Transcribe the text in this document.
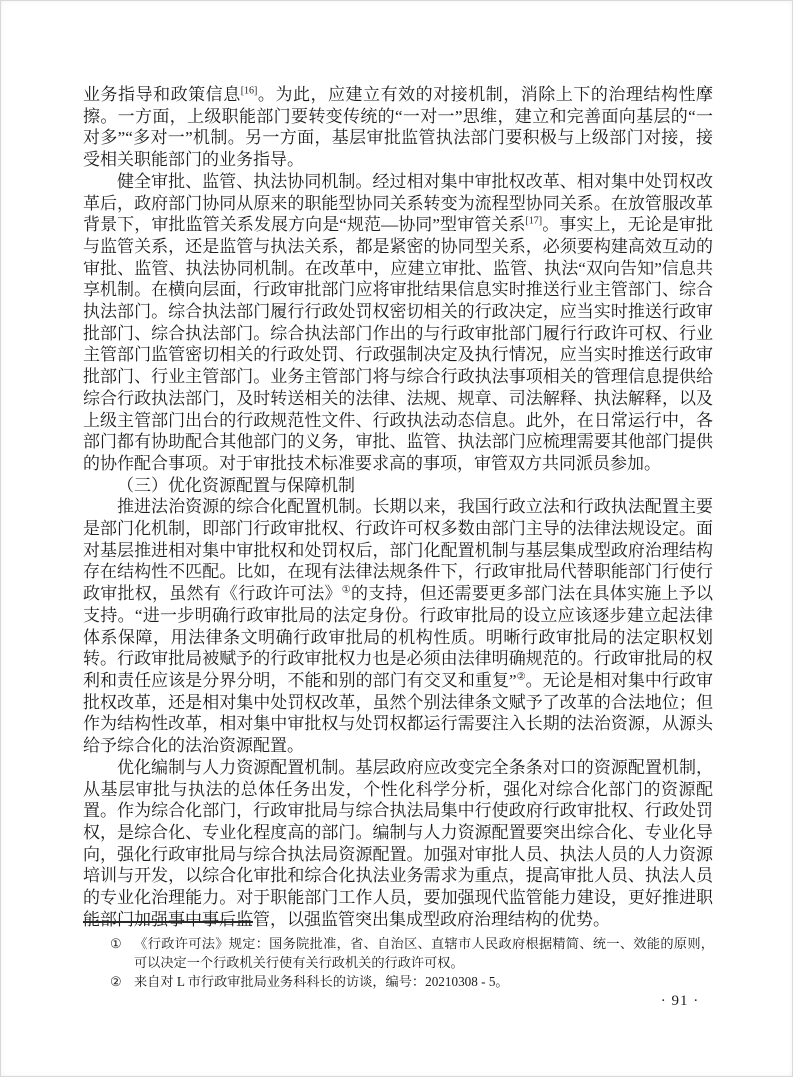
业务指导和政策信息[16]。为此，应建立有效的对接机制，消除上下的治理结构性摩擦。一方面，上级职能部门要转变传统的“一对一”思维，建立和完善面向基层的“一对多”“多对一”机制。另一方面，基层审批监管执法部门要积极与上级部门对接，接受相关职能部门的业务指导。

健全审批、监管、执法协同机制。经过相对集中审批权改革、相对集中处罚权改革后，政府部门协同从原来的职能型协同关系转变为流程型协同关系。在放管服改革背景下，审批监管关系发展方向是“规范—协同”型审管关系[17]。事实上，无论是审批与监管关系，还是监管与执法关系，都是紧密的协同型关系，必须要构建高效互动的审批、监管、执法协同机制。在改革中，应建立审批、监管、执法“双向告知”信息共享机制。在横向层面，行政审批部门应将审批结果信息实时推送行业主管部门、综合执法部门。综合执法部门履行行政处罚权密切相关的行政决定，应当实时推送行政审批部门、综合执法部门。综合执法部门作出的与行政审批部门履行行政许可权、行业主管部门监管密切相关的行政处罚、行政强制决定及执行情况，应当实时推送行政审批部门、行业主管部门。业务主管部门将与综合行政执法事项相关的管理信息提供给综合行政执法部门，及时转送相关的法律、法规、规章、司法解释、执法解释，以及上级主管部门出台的行政规范性文件、行政执法动态信息。此外，在日常运行中，各部门都有协助配合其他部门的义务，审批、监管、执法部门应梳理需要其他部门提供的协作配合事项。对于审批技术标准要求高的事项，审管双方共同派员参加。

（三）优化资源配置与保障机制

推进法治资源的综合化配置机制。长期以来，我国行政立法和行政执法配置主要是部门化机制，即部门行政审批权、行政许可权多数由部门主导的法律法规设定。面对基层推进相对集中审批权和处罚权后，部门化配置机制与基层集成型政府治理结构存在结构性不匹配。比如，在现有法律法规条件下，行政审批局代替职能部门行使行政审批权，虽然有《行政许可法》①的支持，但还需要更多部门法在具体实施上予以支持。“进一步明确行政审批局的法定身份。行政审批局的设立应该逐步建立起法律体系保障，用法律条文明确行政审批局的机构性质。明晰行政审批局的法定职权划转。行政审批局被赋予的行政审批权力也是必须由法律明确规范的。行政审批局的权利和责任应该是分界分明，不能和别的部门有交叉和重复”②。无论是相对集中行政审批权改革，还是相对集中处罚权改革，虽然个别法律条文赋予了改革的合法地位；但作为结构性改革，相对集中审批权与处罚权都运行需要注入长期的法治资源，从源头给予综合化的法治资源配置。

优化编制与人力资源配置机制。基层政府应改变完全条条对口的资源配置机制，从基层审批与执法的总体任务出发，个性化科学分析，强化对综合化部门的资源配置。作为综合化部门，行政审批局与综合执法局集中行使政府行政审批权、行政处罚权，是综合化、专业化程度高的部门。编制与人力资源配置要突出综合化、专业化导向，强化行政审批局与综合执法局资源配置。加强对审批人员、执法人员的人力资源培训与开发，以综合化审批和综合化执法业务需求为重点，提高审批人员、执法人员的专业化治理能力。对于职能部门工作人员，要加强现代监管能力建设，更好推进职能部门加强事中事后监管，以强监管突出集成型政府治理结构的优势。

① 《行政许可法》规定：国务院批准，省、自治区、直辖市人民政府根据精简、统一、效能的原则，可以决定一个行政机关行使有关行政机关的行政许可权。

② 来自对 L 市行政审批局业务科科长的访谈，编号：20210308 - 5。

· 91 ·
